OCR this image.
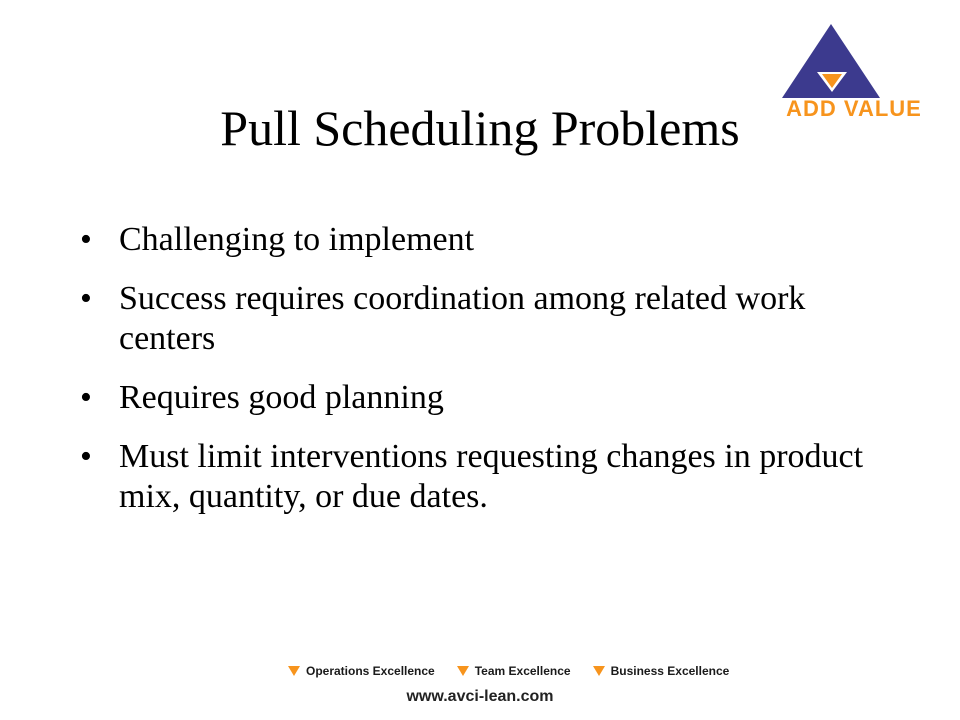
ADD VALUE
Pull Scheduling Problems
• Challenging to implement
• Success requires coordination among related work centers
• Requires good planning
• Must limit interventions requesting changes in product mix, quantity, or due dates.
Operations Excellence	Team Excellence	Business Excellence
www.avci-lean.com
